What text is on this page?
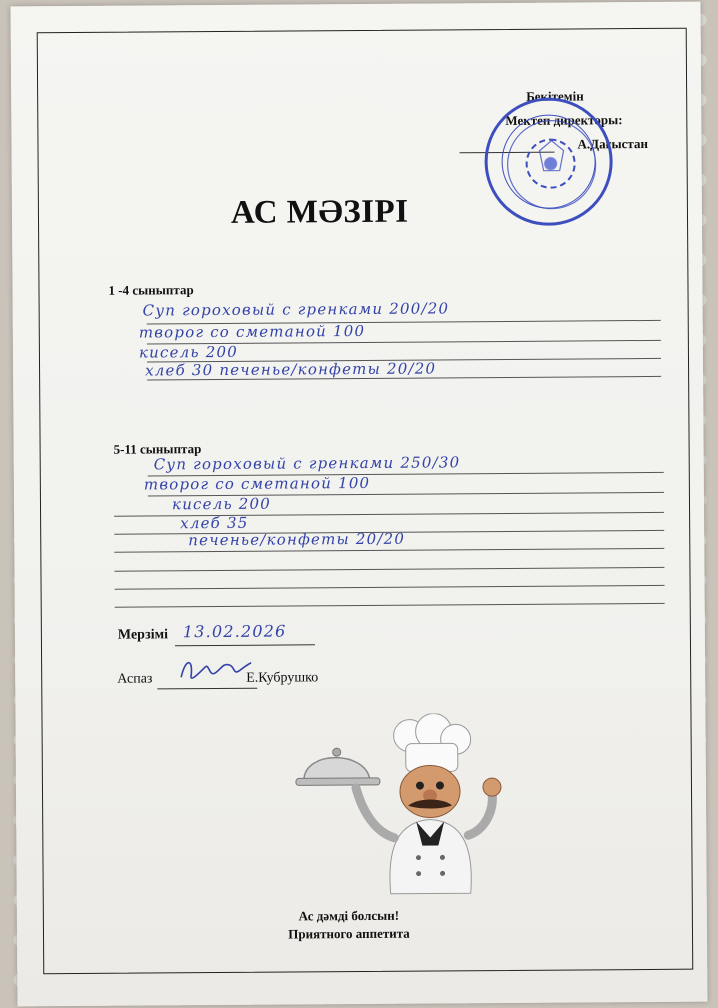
Бекітемін
Мектеп директоры:
А.Дағыстан
АС МӘЗІРІ
1 -4 сыныптар
Суп гороховый с гренками 200/20
творог со сметаной 100
кисель 200
хлеб 30 печенье/конфеты 20/20
5-11 сыныптар
Суп гороховый с гренками 250/30
творог со сметаной 100
кисель 200
хлеб 35
печенье/конфеты 20/20
Мерзімі 13.02.2026
Аспаз	Е.Кубрушко
Ас дәмді болсын!
Приятного аппетита
